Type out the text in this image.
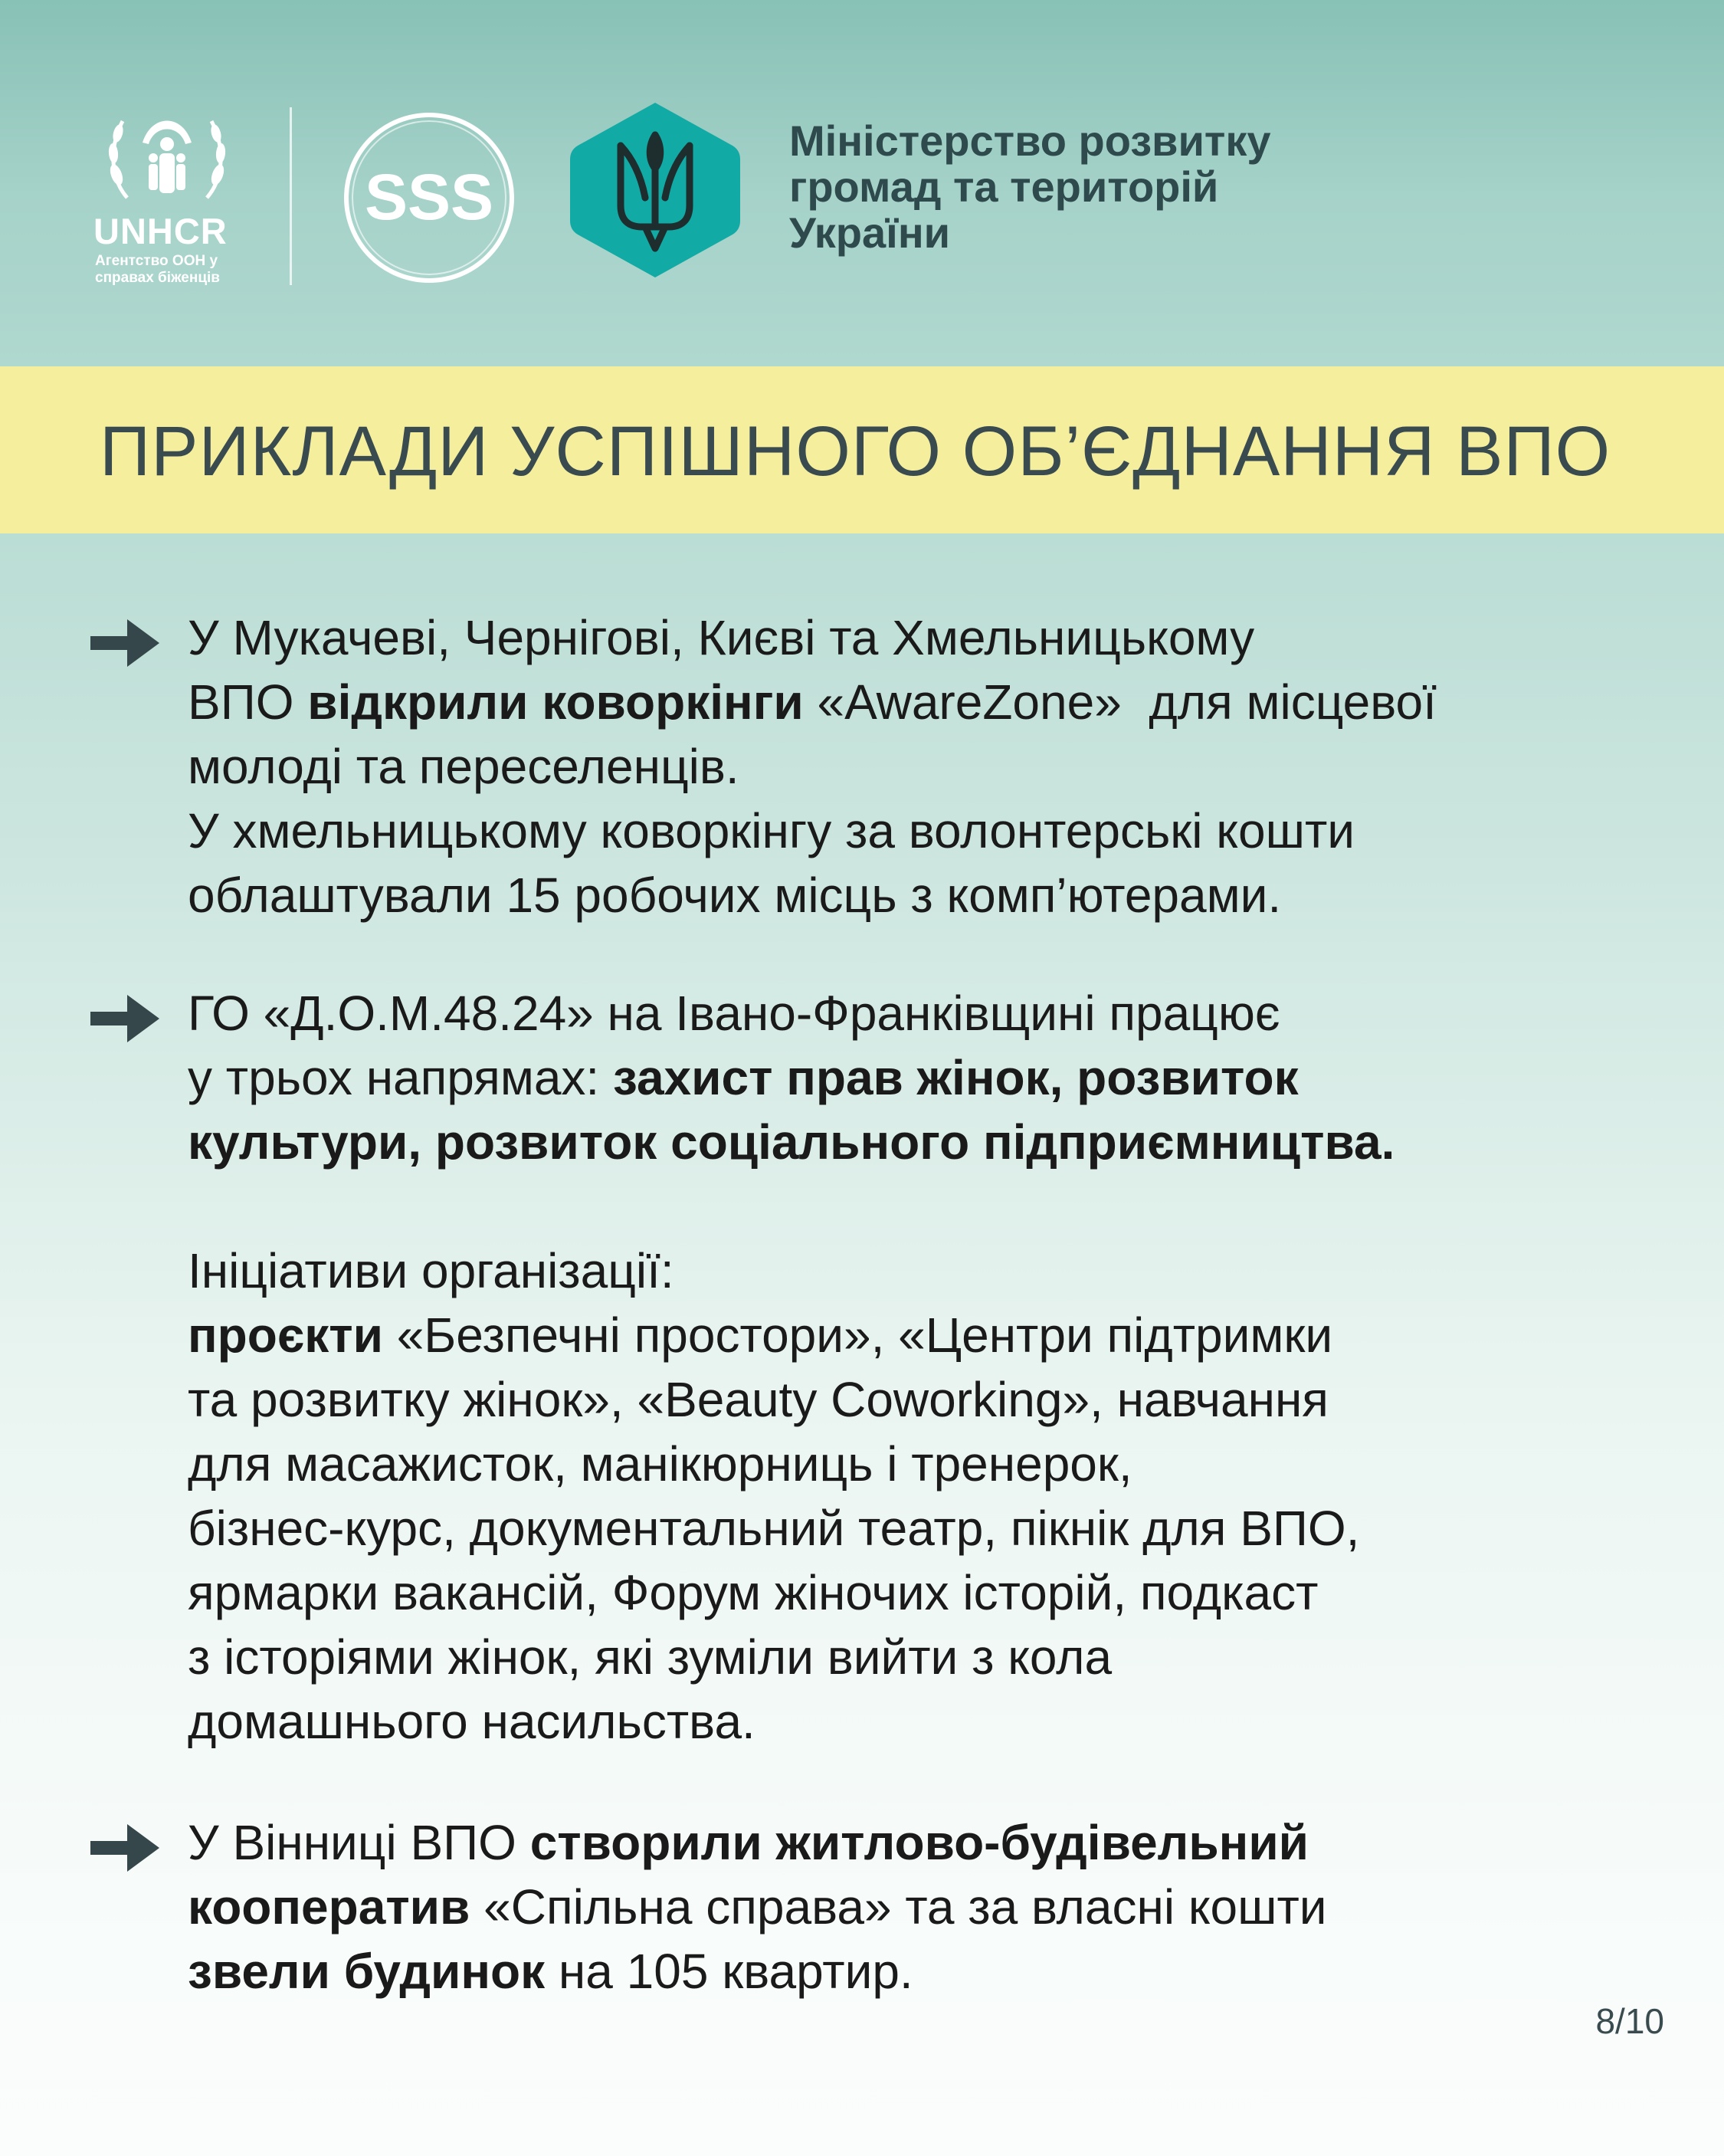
UNHCR
Агентство ООН у
справах біженців
SSS
Міністерство розвитку
громад та територій
України
ПРИКЛАДИ УСПІШНОГО ОБ’ЄДНАННЯ ВПО
У Мукачеві, Чернігові, Києві та Хмельницькому
ВПО відкрили коворкінги «AwareZone»  для місцевої
молоді та переселенців.
У хмельницькому коворкінгу за волонтерські кошти
облаштували 15 робочих місць з комп’ютерами.
ГО «Д.О.М.48.24» на Івано-Франківщині працює
у трьох напрямах: захист прав жінок, розвиток
культури, розвиток соціального підприємництва.

Ініціативи організації:
проєкти «Безпечні простори», «Центри підтримки
та розвитку жінок», «Beauty Coworking», навчання
для масажисток, манікюрниць і тренерок,
бізнес-курс, документальний театр, пікнік для ВПО,
ярмарки вакансій, Форум жіночих історій, подкаст
з історіями жінок, які зуміли вийти з кола
домашнього насильства.
У Вінниці ВПО створили житлово-будівельний
кооператив «Спільна справа» та за власні кошти
звели будинок на 105 квартир.
8/10
